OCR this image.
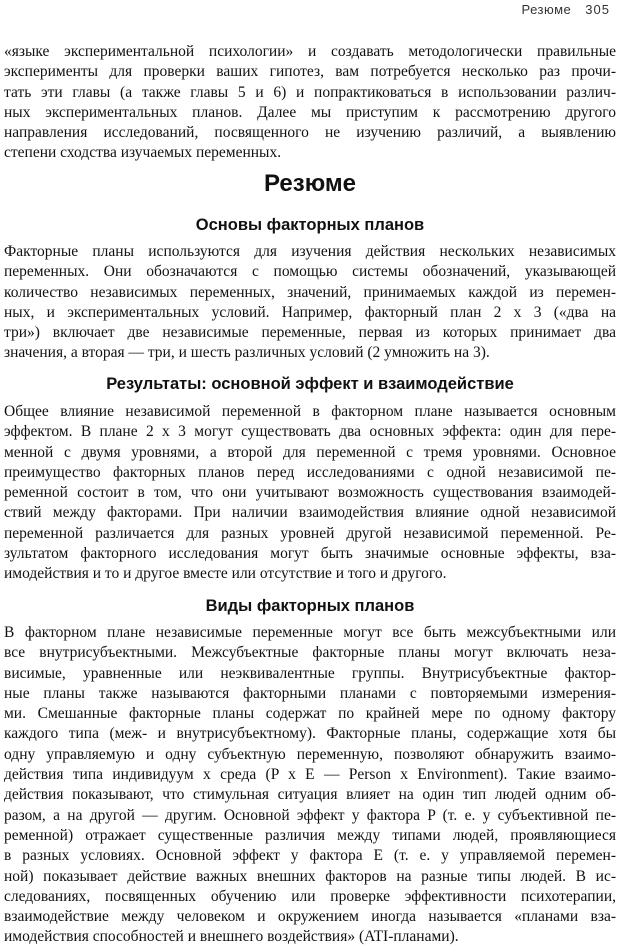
Резюме 305

«языке экспериментальной психологии» и создавать методологически правильные
эксперименты для проверки ваших гипотез, вам потребуется несколько раз прочи-
тать эти главы (а также главы 5 и 6) и попрактиковаться в использовании различ-
ных экспериментальных планов. Далее мы приступим к рассмотрению другого
направления исследований, посвященного не изучению различий, а выявлению
степени сходства изучаемых переменных.

Резюме
Основы факторных планов

Факторные планы используются для изучения действия нескольких независимых
переменных. Они обозначаются с помощью системы обозначений, указывающей
количество независимых переменных, значений, принимаемых каждой из перемен-
ных, и экспериментальных условий. Например, факторный план 2 x 3 («два на
три») включает две независимые переменные, первая из которых принимает два
значения, а вторая — три, и шесть различных условий (2 умножить на 3).

Результаты: основной эффект и взаимодействие

Общее влияние независимой переменной в факторном плане называется основным
эффектом. В плане 2 x 3 могут существовать два основных эффекта: один для пере-
менной с двумя уровнями, а второй для переменной с тремя уровнями. Основное
преимущество факторных планов перед исследованиями с одной независимой пе-
ременной состоит в том, что они учитывают возможность существования взаимодей-
ствий между факторами. При наличии взаимодействия влияние одной независимой
переменной различается для разных уровней другой независимой переменной. Ре-
зультатом факторного исследования могут быть значимые основные эффекты, вза-
имодействия и то и другое вместе или отсутствие и того и другого.

Виды факторных планов

В факторном плане независимые переменные могут все быть межсубъектными или
все внутрисубъектными. Межсубъектные факторные планы могут включать неза-
висимые, уравненные или неэквивалентные группы. Внутрисубъектные фактор-
ные планы также называются факторными планами с повторяемыми измерения-
ми. Смешанные факторные планы содержат по крайней мере по одному фактору
каждого типа (меж- и внутрисубъектному). Факторные планы, содержащие хотя бы
одну управляемую и одну субъектную переменную, позволяют обнаружить взаимо-
действия типа индивидуум x среда (P x E — Person x Environment). Такие взаимо-
действия показывают, что стимульная ситуация влияет на один тип людей одним об-
разом, а на другой — другим. Основной эффект у фактора P (т. е. у субъективной пе-
ременной) отражает существенные различия между типами людей, проявляющиеся
в разных условиях. Основной эффект у фактора E (т. е. у управляемой перемен-
ной) показывает действие важных внешних факторов на разные типы людей. В ис-
следованиях, посвященных обучению или проверке эффективности психотерапии,
взаимодействие между человеком и окружением иногда называется «планами вза-
имодействия способностей и внешнего воздействия» (ATI-планами).
